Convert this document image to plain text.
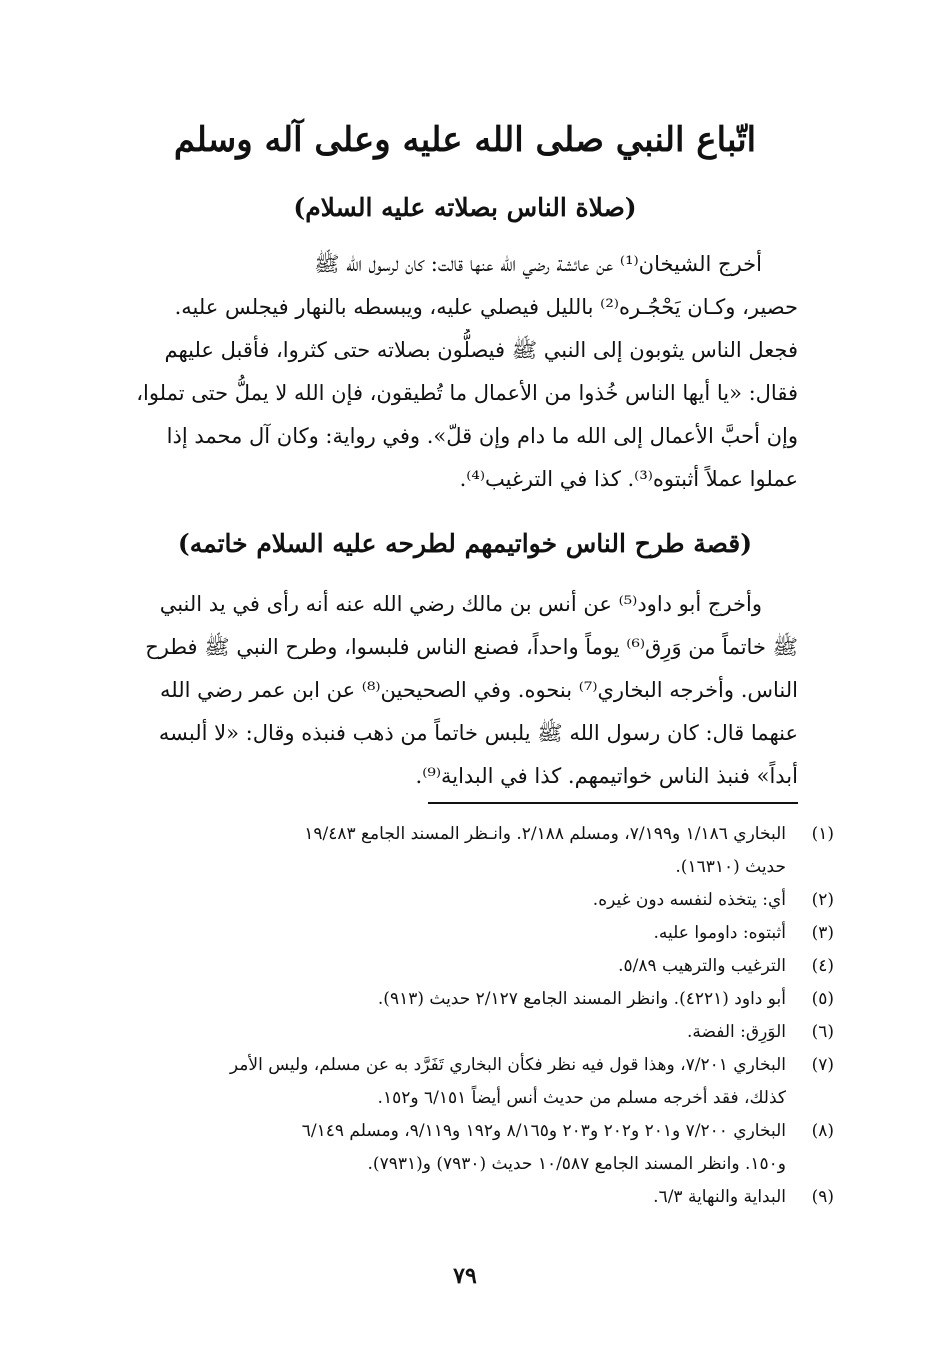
اتّباع النبي صلى الله عليه وعلى آله وسلم
(صلاة الناس بصلاته عليه السلام)
أخرج الشيخان⁽¹⁾ عن عائشة رضي الله عنها قالت: كان لرسول الله ﷺ
حصير، وكـان يَحْجُـره⁽²⁾ بالليل فيصلي عليه، ويبسطه بالنهار فيجلس عليه.
فجعل الناس يثوبون إلى النبي ﷺ فيصلُّون بصلاته حتى كثروا، فأقبل عليهم
فقال: «يا أيها الناس خُذوا من الأعمال ما تُطيقون، فإن الله لا يملُّ حتى تملوا،
وإن أحبَّ الأعمال إلى الله ما دام وإن قلّ». وفي رواية: وكان آل محمد إذا
عملوا عملاً أثبتوه⁽³⁾. كذا في الترغيب⁽⁴⁾.
(قصة طرح الناس خواتيمهم لطرحه عليه السلام خاتمه)
وأخرج أبو داود⁽⁵⁾ عن أنس بن مالك رضي الله عنه أنه رأى في يد النبي
ﷺ خاتماً من وَرِق⁽⁶⁾ يوماً واحداً، فصنع الناس فلبسوا، وطرح النبي ﷺ فطرح
الناس. وأخرجه البخاري⁽⁷⁾ بنحوه. وفي الصحيحين⁽⁸⁾ عن ابن عمر رضي الله
عنهما قال: كان رسول الله ﷺ يلبس خاتماً من ذهب فنبذه وقال: «لا ألبسه
أبداً» فنبذ الناس خواتيمهم. كذا في البداية⁽⁹⁾.
(١)
البخاري ١/١٨٦ و٧/١٩٩، ومسلم ٢/١٨٨. وانـظر المسند الجامع ١٩/٤٨٣
حديث (١٦٣١٠).
(٢)
أي: يتخذه لنفسه دون غيره.
(٣)
أثبتوه: داوموا عليه.
(٤)
الترغيب والترهيب ٥/٨٩.
(٥)
أبو داود (٤٢٢١). وانظر المسند الجامع ٢/١٢٧ حديث (٩١٣).
(٦)
الوَرِق: الفضة.
(٧)
البخاري ٧/٢٠١، وهذا قول فيه نظر فكأن البخاري تَفَرَّد به عن مسلم، وليس الأمر
كذلك، فقد أخرجه مسلم من حديث أنس أيضاً ٦/١٥١ و١٥٢.
(٨)
البخاري ٧/٢٠٠ و٢٠١ و٢٠٢ و٢٠٣ و٨/١٦٥ و١٩٢ و٩/١١٩، ومسلم ٦/١٤٩
و١٥٠. وانظر المسند الجامع ١٠/٥٨٧ حديث (٧٩٣٠) و(٧٩٣١).
(٩)
البداية والنهاية ٦/٣.
٧٩
